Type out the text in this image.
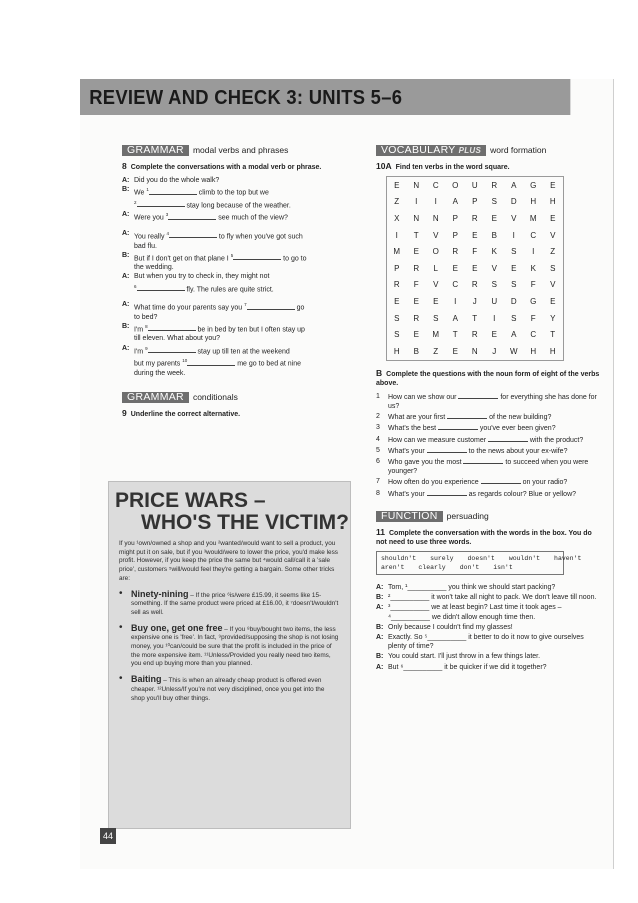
REVIEW AND CHECK 3: UNITS 5–6
GRAMMAR	modal verbs and phrases
8 Complete the conversations with a modal verb or phrase.
A: Did you do the whole walk?
B: We $^1$	climb to the top but we
$^2$	stay long because of the weather.
A: Were you $^3$	see much of the view?
A: You really $^4$	to fly when you've got such
bad flu.
B: But if I don't get on that plane I $^5$	to go to
the wedding.
A: But when you try to check in, they might not
$^6$	fly. The rules are quite strict.
A: What time do your parents say you $^7$	go
to bed?
B: I'm $^8$	be in bed by ten but I often stay up
till eleven. What about you?
A: I'm $^9$	stay up till ten at the weekend
but my parents $^{10}$	me go to bed at nine
during the week.
GRAMMAR	conditionals
9 Underline the correct alternative.
PRICE WARS –
WHO'S THE VICTIM?
If you ¹own/owned a shop and you ²wanted/would want to sell a product, you might put it on sale, but if you ³would/were to lower the price, you'd make less profit. However, if you keep the price the same but ⁴would call/call it a 'sale price', customers ⁵will/would feel they're getting a bargain. Some other tricks are:
• Ninety-nining – If the price ⁶is/were £15.99, it seems like 15-something. If the same product were priced at £16.00, it ⁷doesn't/wouldn't sell as well.
• Buy one, get one free – If you ⁸buy/bought two items, the less expensive one is 'free'. In fact, ⁹provided/supposing the shop is not losing money, you ¹⁰can/could be sure that the profit is included in the price of the more expensive item. ¹¹Unless/Provided you really need two items, you end up buying more than you planned.
• Baiting – This is when an already cheap product is offered even cheaper. ¹²Unless/If you're not very disciplined, once you get into the shop you'll buy other things.
VOCABULARY PLUS	word formation
10A Find ten verbs in the word square.
E	N	C	O	U	R	A	G	E
Z	I	I	A	P	S	D	H	H
X	N	N	P	R	E	V	M	E
I	T	V	P	E	B	I	C	V
M	E	O	R	F	K	S	I	Z
P	R	L	E	E	V	E	K	S
R	F	V	C	R	S	S	F	V
E	E	E	I	J	U	D	G	E
S	R	S	A	T	I	S	F	Y
S	E	M	T	R	E	A	C	T
H	B	Z	E	N	J	W	H	H
B Complete the questions with the noun form of eight of the verbs above.
1	How can we show our	for everything she has done for us?
2	What are your first	of the new building?
3	What's the best	you've ever been given?
4	How can we measure customer	with the product?
5	What's your	to the news about your ex-wife?
6	Who gave you the most	to succeed when you were younger?
7	How often do you experience	on your radio?
8	What's your	as regards colour? Blue or yellow?
FUNCTION	persuading
11 Complete the conversation with the words in the box. You do not need to use three words.
shouldn't surely doesn't wouldn't haven't
aren't clearly don't isn't
A: Tom, ¹__________ you think we should start packing?
B: ²__________ it won't take all night to pack. We don't leave till noon.
A: ³__________ we at least begin? Last time it took ages – ⁴__________ we didn't allow enough time then.
B: Only because I couldn't find my glasses!
A: Exactly. So ⁵__________ it better to do it now to give ourselves plenty of time?
B: You could start. I'll just throw in a few things later.
A: But ⁶__________ it be quicker if we did it together?
44
